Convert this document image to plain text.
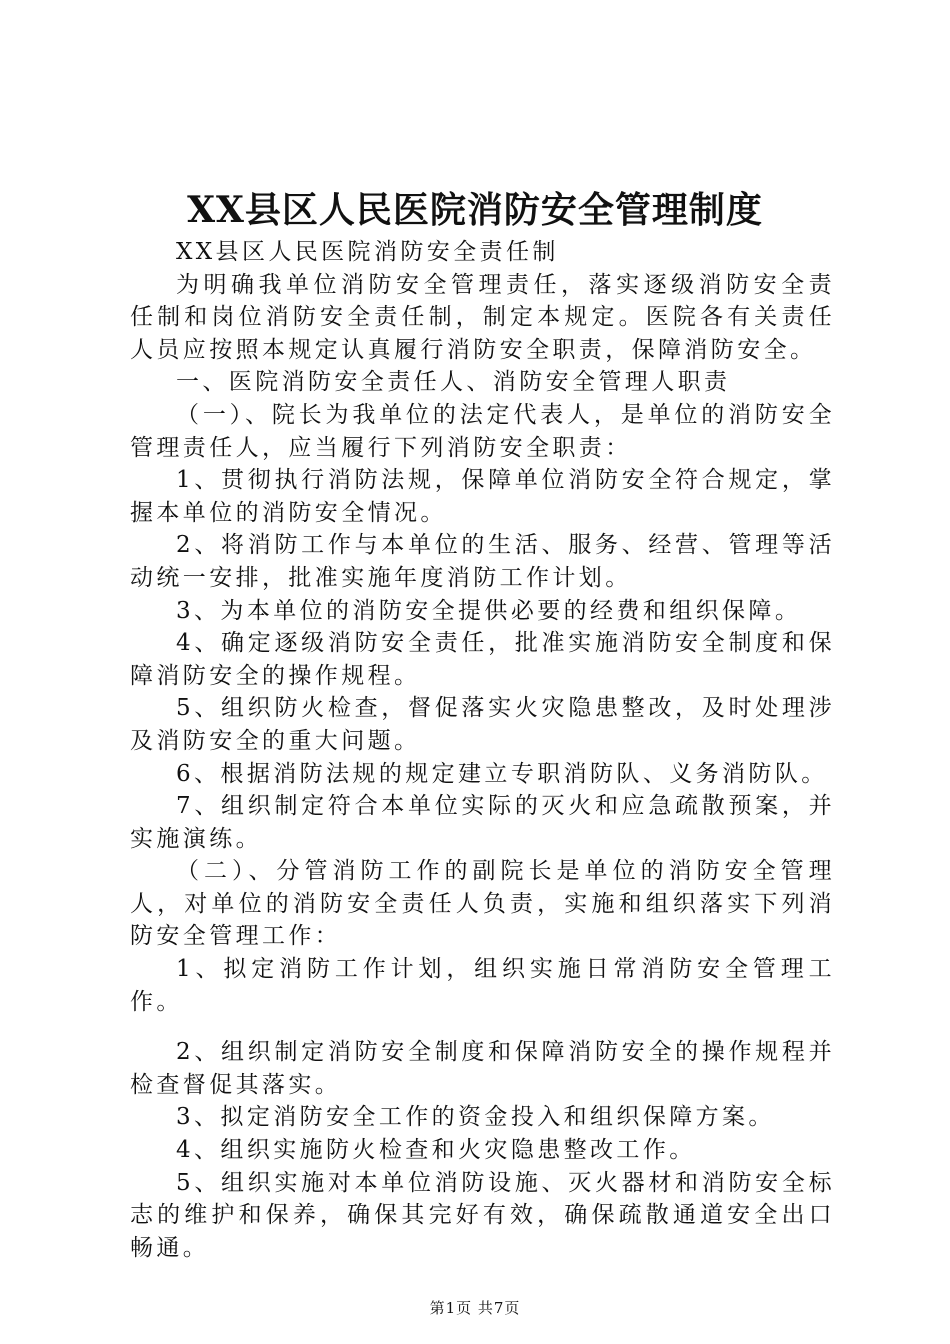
XX县区人民医院消防安全管理制度

XX县区人民医院消防安全责任制

为明确我单位消防安全管理责任，落实逐级消防安全责任制和岗位消防安全责任制，制定本规定。医院各有关责任人员应按照本规定认真履行消防安全职责，保障消防安全。

一、医院消防安全责任人、消防安全管理人职责

（一）、院长为我单位的法定代表人，是单位的消防安全管理责任人，应当履行下列消防安全职责：

1、贯彻执行消防法规，保障单位消防安全符合规定，掌握本单位的消防安全情况。

2、将消防工作与本单位的生活、服务、经营、管理等活动统一安排，批准实施年度消防工作计划。

3、为本单位的消防安全提供必要的经费和组织保障。

4、确定逐级消防安全责任，批准实施消防安全制度和保障消防安全的操作规程。

5、组织防火检查，督促落实火灾隐患整改，及时处理涉及消防安全的重大问题。

6、根据消防法规的规定建立专职消防队、义务消防队。

7、组织制定符合本单位实际的灭火和应急疏散预案，并实施演练。

（二）、分管消防工作的副院长是单位的消防安全管理人，对单位的消防安全责任人负责，实施和组织落实下列消防安全管理工作：

1、拟定消防工作计划，组织实施日常消防安全管理工作。

2、组织制定消防安全制度和保障消防安全的操作规程并检查督促其落实。

3、拟定消防安全工作的资金投入和组织保障方案。

4、组织实施防火检查和火灾隐患整改工作。

5、组织实施对本单位消防设施、灭火器材和消防安全标志的维护和保养，确保其完好有效，确保疏散通道安全出口畅通。

第1页 共7页
